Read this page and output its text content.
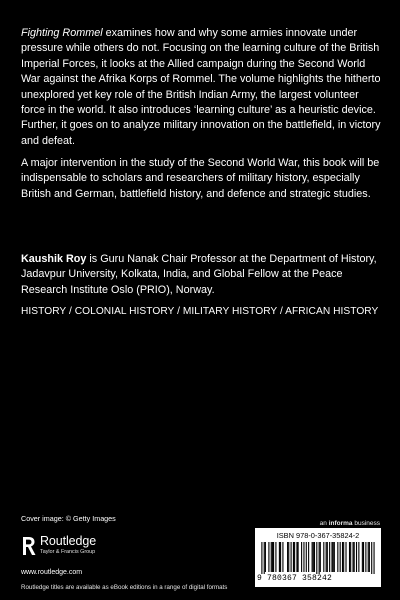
Fighting Rommel examines how and why some armies innovate under pressure while others do not. Focusing on the learning culture of the British Imperial Forces, it looks at the Allied campaign during the Second World War against the Afrika Korps of Rommel. The volume highlights the hitherto unexplored yet key role of the British Indian Army, the largest volunteer force in the world. It also introduces ‘learning culture’ as a heuristic device. Further, it goes on to analyze military innovation on the battlefield, in victory and defeat.

A major intervention in the study of the Second World War, this book will be indispensable to scholars and researchers of military history, especially British and German, battlefield history, and defence and strategic studies.

Kaushik Roy is Guru Nanak Chair Professor at the Department of History, Jadavpur University, Kolkata, India, and Global Fellow at the Peace Research Institute Oslo (PRIO), Norway.

HISTORY / COLONIAL HISTORY / MILITARY HISTORY / AFRICAN HISTORY

Cover image: © Getty Images
an informa business
Routledge
Taylor & Francis Group
www.routledge.com
Routledge titles are available as eBook editions in a range of digital formats
ISBN 978-0-367-35824-2
9 780367 358242
